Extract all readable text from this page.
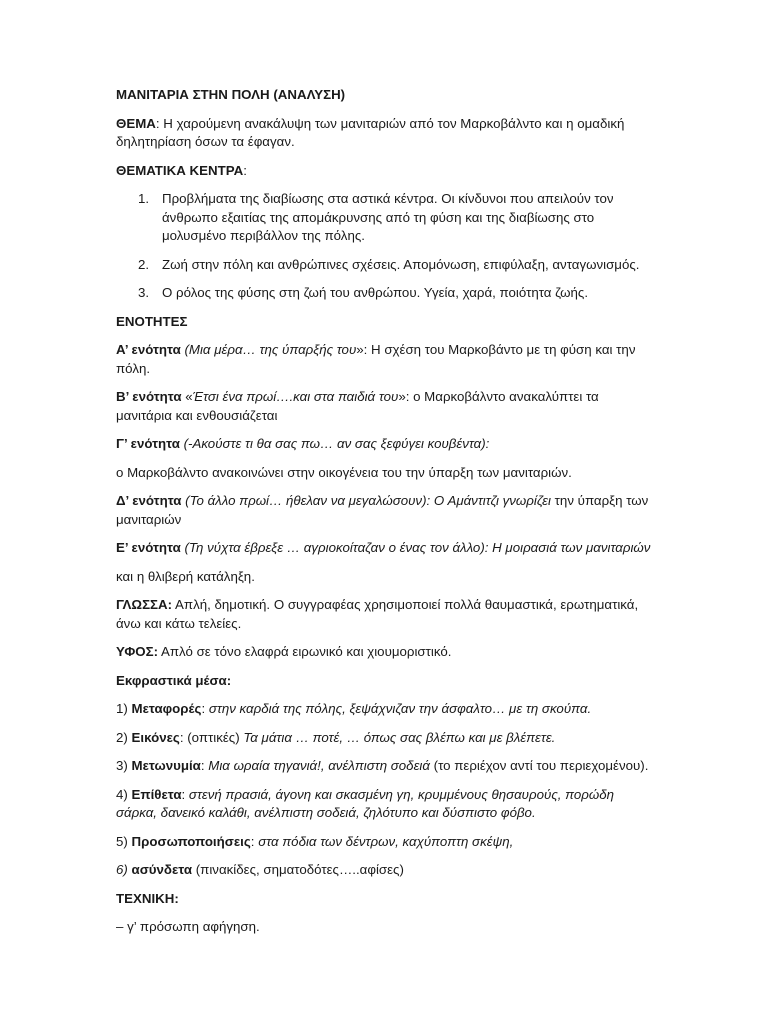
ΜΑΝΙΤΑΡΙΑ ΣΤΗΝ ΠΟΛΗ (ΑΝΑΛΥΣΗ)

ΘΕΜΑ: Η χαρούμενη ανακάλυψη των μανιταριών από τον Μαρκοβάλντο και η ομαδική δηλητηρίαση όσων τα έφαγαν.

ΘΕΜΑΤΙΚΑ ΚΕΝΤΡΑ:

1. Προβλήματα της διαβίωσης στα αστικά κέντρα. Οι κίνδυνοι που απειλούν τον άνθρωπο εξαιτίας της απομάκρυνσης από τη φύση και της διαβίωσης στο μολυσμένο περιβάλλον της πόλης.
2. Ζωή στην πόλη και ανθρώπινες σχέσεις. Απομόνωση, επιφύλαξη, ανταγωνισμός.
3. Ο ρόλος της φύσης στη ζωή του ανθρώπου. Υγεία, χαρά, ποιότητα ζωής.

ΕΝΟΤΗΤΕΣ

Α’ ενότητα (Μια μέρα… της ύπαρξής του»: Η σχέση του Μαρκοβάντο με τη φύση και την πόλη.

Β’ ενότητα «Έτσι ένα πρωί….και στα παιδιά του»: ο Μαρκοβάλντο ανακαλύπτει τα μανιτάρια και ενθουσιάζεται

Γ’ ενότητα (-Ακούστε τι θα σας πω… αν σας ξεφύγει κουβέντα):

ο Μαρκοβάλντο ανακοινώνει στην οικογένεια του την ύπαρξη των μανιταριών.

Δ’ ενότητα (Το άλλο πρωί… ήθελαν να μεγαλώσουν): Ο Αμάντιτζι γνωρίζει την ύπαρξη των μανιταριών

Ε’ ενότητα (Τη νύχτα έβρεξε … αγριοκοίταζαν ο ένας τον άλλο): Η μοιρασιά των μανιταριών

και η θλιβερή κατάληξη.

ΓΛΩΣΣΑ: Απλή, δημοτική. Ο συγγραφέας χρησιμοποιεί πολλά θαυμαστικά, ερωτηματικά, άνω και κάτω τελείες.

ΥΦΟΣ: Απλό σε τόνο ελαφρά ειρωνικό και χιουμοριστικό.

Εκφραστικά μέσα:

1) Μεταφορές: στην καρδιά της πόλης, ξεψάχνιζαν την άσφαλτο… με τη σκούπα.

2) Εικόνες: (οπτικές) Τα μάτια … ποτέ, … όπως σας βλέπω και με βλέπετε.

3) Μετωνυμία: Μια ωραία τηγανιά!, ανέλπιστη σοδειά (το περιέχον αντί του περιεχομένου).

4) Επίθετα: στενή πρασιά, άγονη και σκασμένη γη, κρυμμένους θησαυρούς, πορώδη σάρκα, δανεικό καλάθι, ανέλπιστη σοδειά, ζηλότυπο και δύσπιστο φόβο.

5) Προσωποποιήσεις: στα πόδια των δέντρων, καχύποπτη σκέψη,

6) ασύνδετα (πινακίδες, σηματοδότες…..αφίσες)

ΤΕΧΝΙΚΗ:

– γ’ πρόσωπη αφήγηση.
